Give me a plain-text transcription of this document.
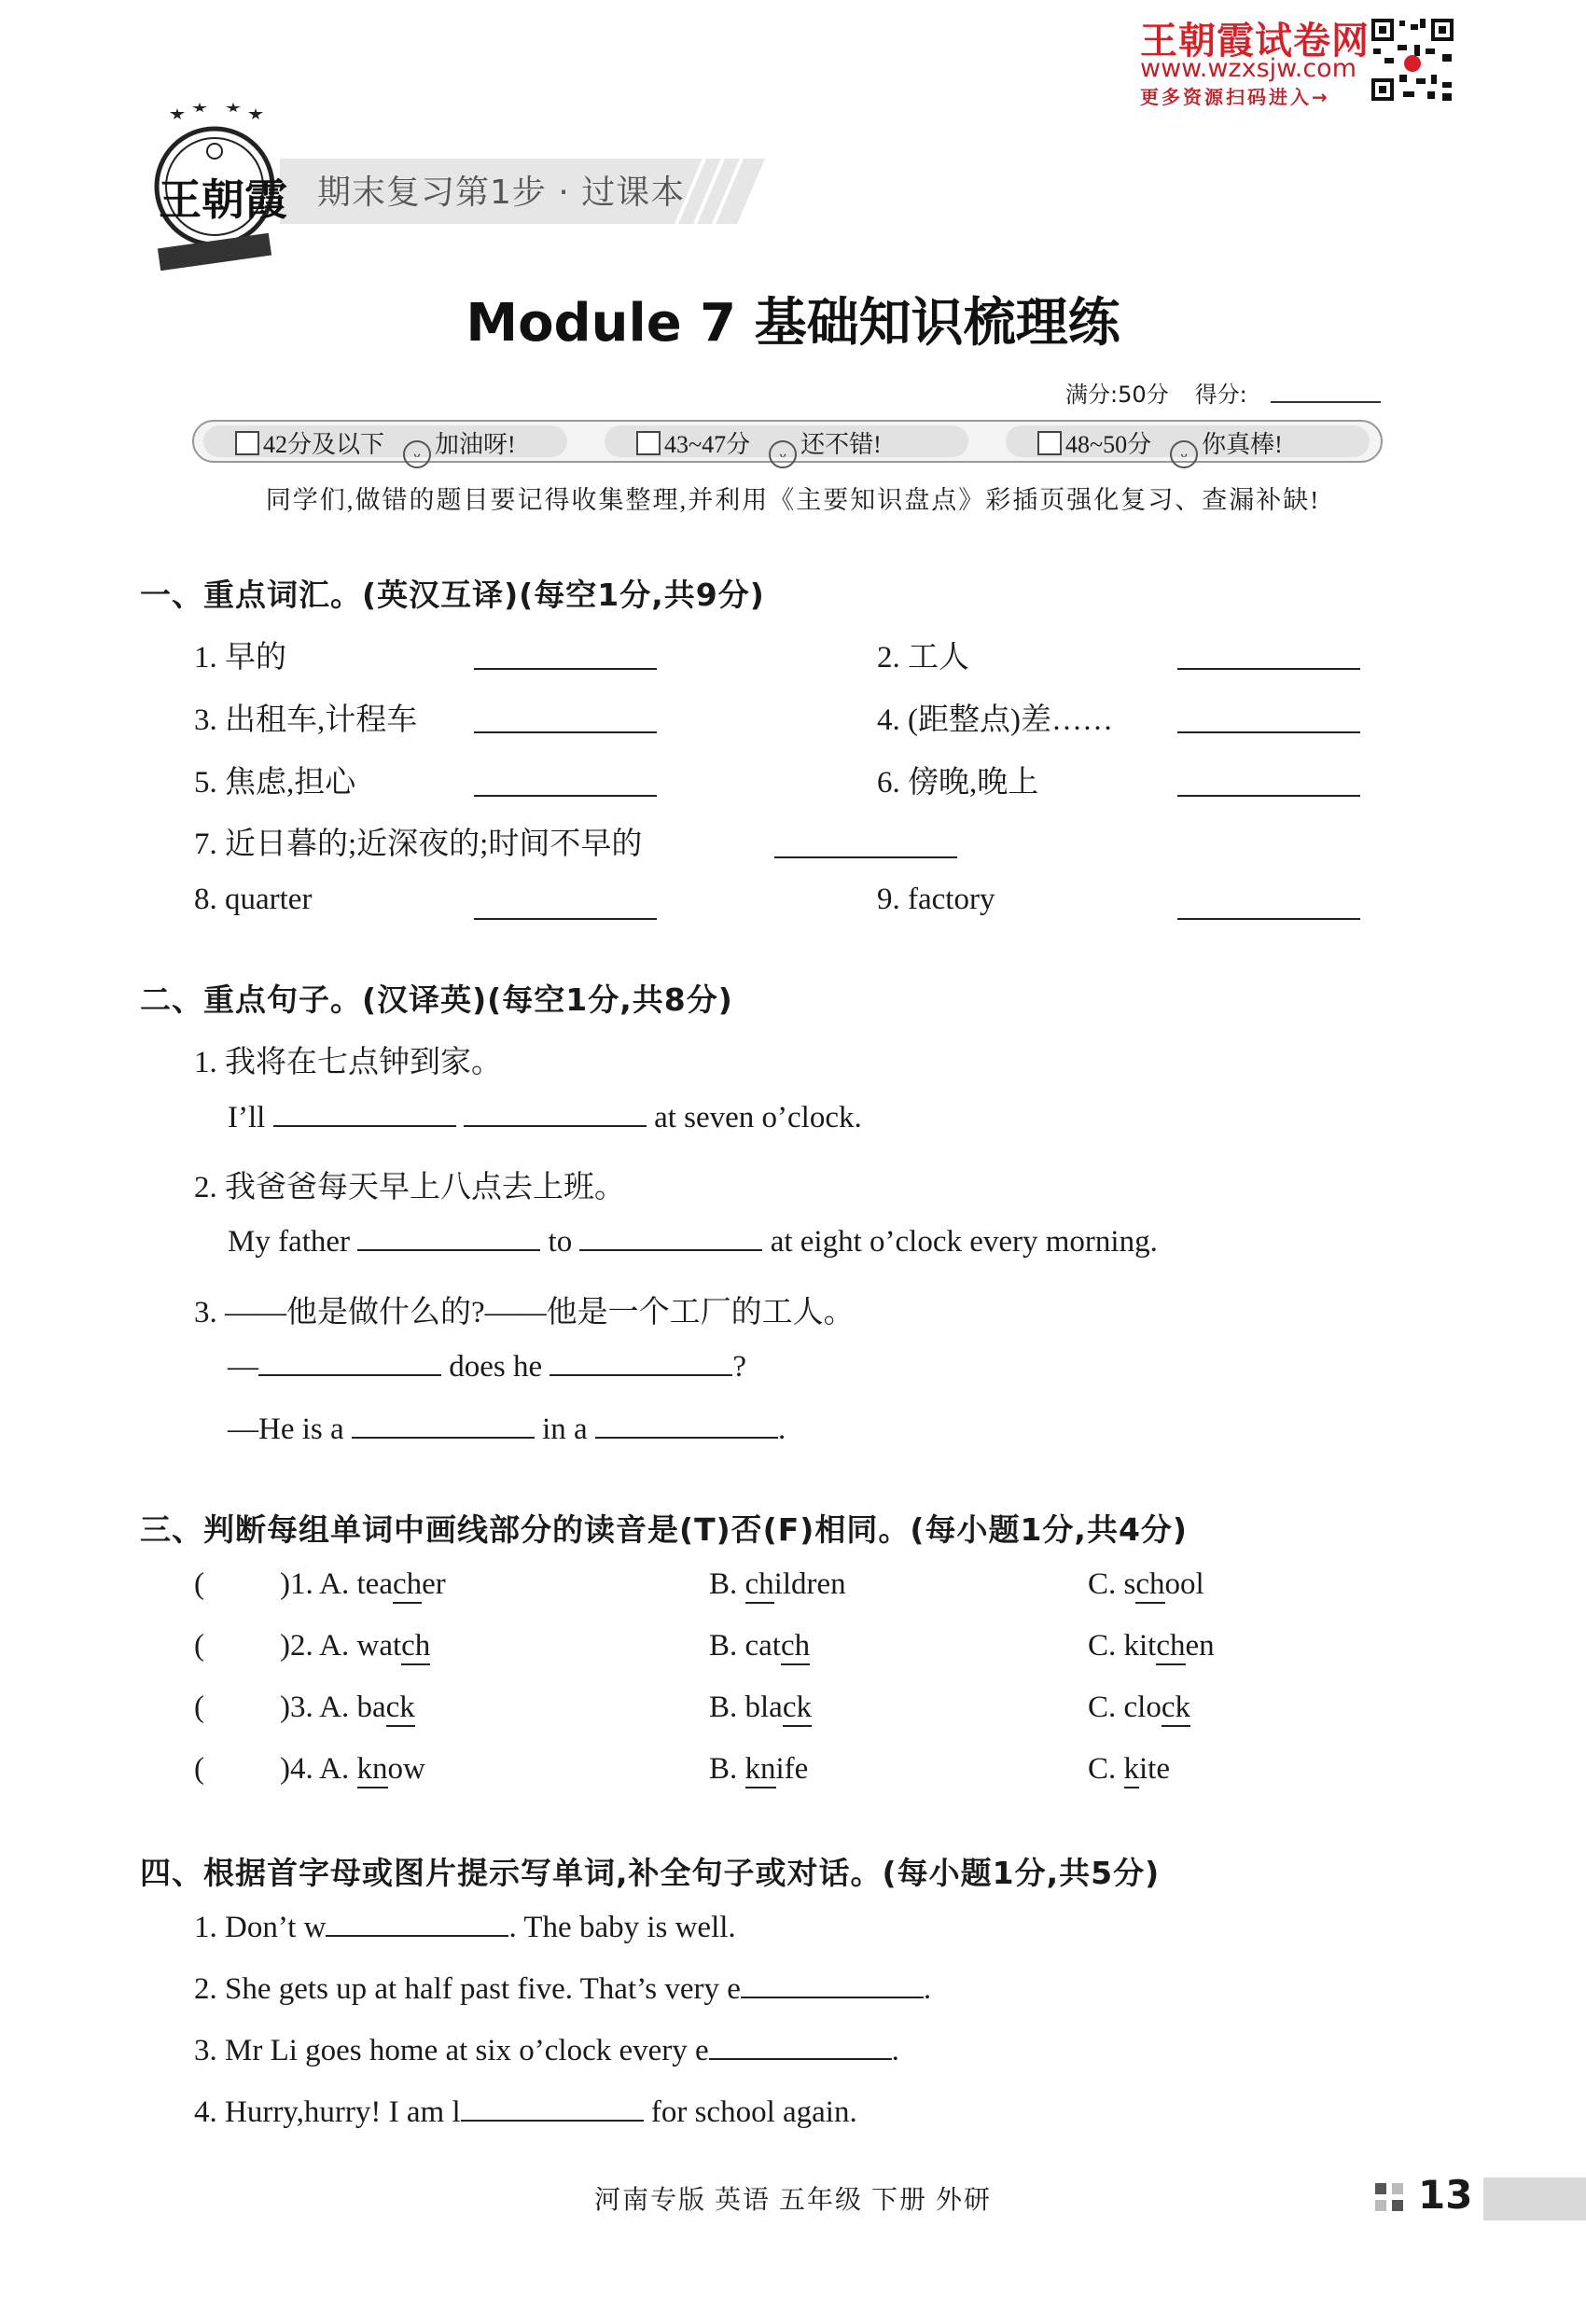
王朝霞试卷网
www.wzxsjw.com
更多资源扫码进入→
期末复习第1步 · 过课本
王朝霞
Module 7 基础知识梳理练
满分:50分 得分:
42分及以下 ᴗ 加油呀!	43~47分 ᴗ 还不错!	48~50分 ᴗ 你真棒!
同学们,做错的题目要记得收集整理,并利用《主要知识盘点》彩插页强化复习、查漏补缺!
一、重点词汇。(英汉互译)(每空1分,共9分)
1. 早的	2. 工人
3. 出租车,计程车	4. (距整点)差……
5. 焦虑,担心	6. 傍晚,晚上
7. 近日暮的;近深夜的;时间不早的
8. quarter	9. factory
二、重点句子。(汉译英)(每空1分,共8分)
1. 我将在七点钟到家。
I’ll	at seven o’clock.
2. 我爸爸每天早上八点去上班。
My father	to	at eight o’clock every morning.
3. ——他是做什么的?——他是一个工厂的工人。
—	does he	?
—He is a	in a	.
三、判断每组单词中画线部分的读音是(T)否(F)相同。(每小题1分,共4分)
( )1. A. teacher	B. children	C. school
( )2. A. watch	B. catch	C. kitchen
( )3. A. back	B. black	C. clock
( )4. A. know	B. knife	C. kite
四、根据首字母或图片提示写单词,补全句子或对话。(每小题1分,共5分)
1. Don’t w	. The baby is well.
2. She gets up at half past five. That’s very e	.
3. Mr Li goes home at six o’clock every e	.
4. Hurry,hurry! I am l	for school again.
河南专版 英语 五年级 下册 外研	13
